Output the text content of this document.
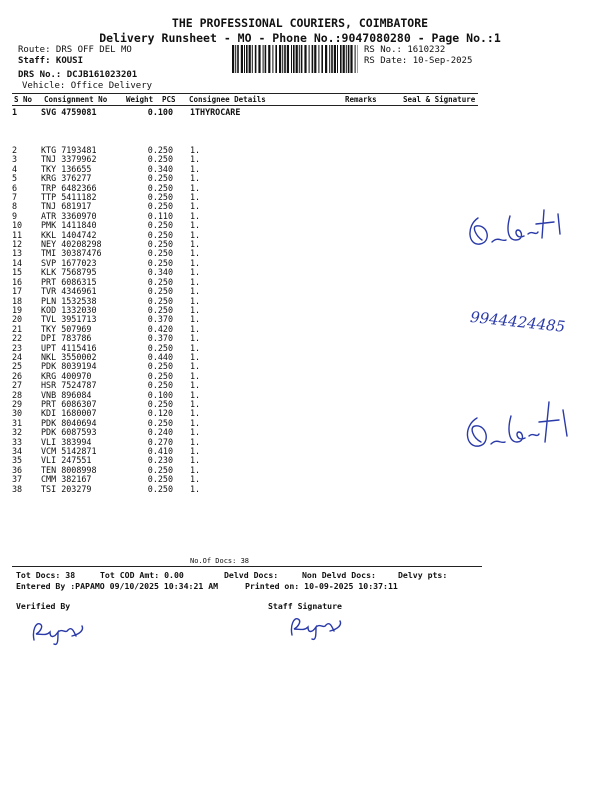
THE PROFESSIONAL COURIERS, COIMBATORE
Delivery Runsheet - MO - Phone No.:9047080280 - Page No.:1
Route: DRS OFF DEL MO
Staff: KOUSI
DRS No.: DCJB161023201
Vehicle: Office Delivery
RS No.: 1610232
RS Date: 10-Sep-2025
S No Consignment No	Weight PCS Consignee Details	Remarks	Seal & Signature
1	SVG 4759081	0.100	1	THYROCARE
2	KTG 7193481	0.250	1	.
3	TNJ 3379962	0.250	1	.
4	TKY 136655	0.340	1	.
5	KRG 376277	0.250	1	.
6	TRP 6482366	0.250	1	.
7	TTP 5411182	0.250	1	.
8	TNJ 681917	0.250	1	.
9	ATR 3360970	0.110	1	.
10	PMK 1411840	0.250	1	.
11	KKL 1404742	0.250	1	.
12	NEY 40208298	0.250	1	.
13	TMI 30387476	0.250	1	.
14	SVP 1677023	0.250	1	.
15	KLK 7568795	0.340	1	.
16	PRT 6086315	0.250	1	.
17	TVR 4346961	0.250	1	.
18	PLN 1532538	0.250	1	.
19	KOD 1332030	0.250	1	.
20	TVL 3951713	0.370	1	.
21	TKY 507969	0.420	1	.
22	DPI 783786	0.370	1	.
23	UPT 4115416	0.250	1	.
24	NKL 3550002	0.440	1	.
25	PDK 8039194	0.250	1	.
26	KRG 400970	0.250	1	.
27	HSR 7524787	0.250	1	.
28	VNB 896084	0.100	1	.
29	PRT 6086307	0.250	1	.
30	KDI 1680007	0.120	1	.
31	PDK 8040694	0.250	1	.
32	PDK 6087593	0.240	1	.
33	VLI 383994	0.270	1	.
34	VCM 5142871	0.410	1	.
35	VLI 247551	0.230	1	.
36	TEN 8008998	0.250	1	.
37	CMM 382167	0.250	1	.
38	TSI 203279	0.250	1	.
No.Of Docs: 38
Tot Docs: 38	Tot COD Amt: 0.00	Delvd Docs:	Non Delvd Docs:	Delvy pts:
Entered By :PAPAMO 09/10/2025 10:34:21 AM	Printed on: 10-09-2025 10:37:11
Verified By	Staff Signature
9944424485
